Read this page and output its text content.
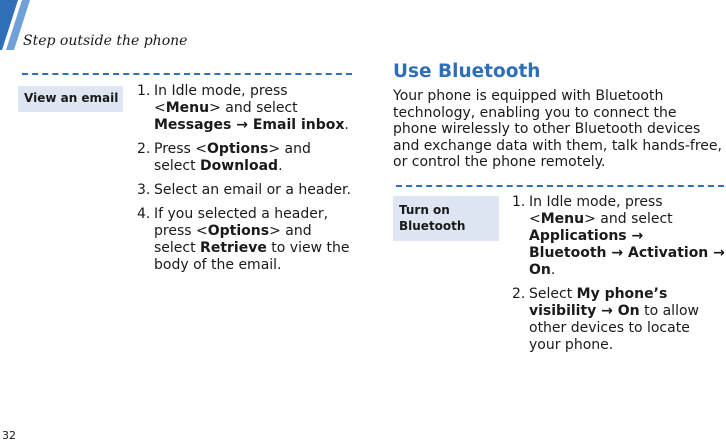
Step outside the phone
View an email	1. In Idle mode, press <Menu> and select Messages → Email inbox.
2. Press <Options> and select Download.
3. Select an email or a header.
4. If you selected a header, press <Options> and select Retrieve to view the body of the email.
Use Bluetooth

Your phone is equipped with Bluetooth technology, enabling you to connect the phone wirelessly to other Bluetooth devices and exchange data with them, talk hands-free, or control the phone remotely.

Turn on Bluetooth
1. In Idle mode, press <Menu> and select Applications → Bluetooth → Activation → On.
2. Select My phone’s visibility → On to allow other devices to locate your phone.
32
